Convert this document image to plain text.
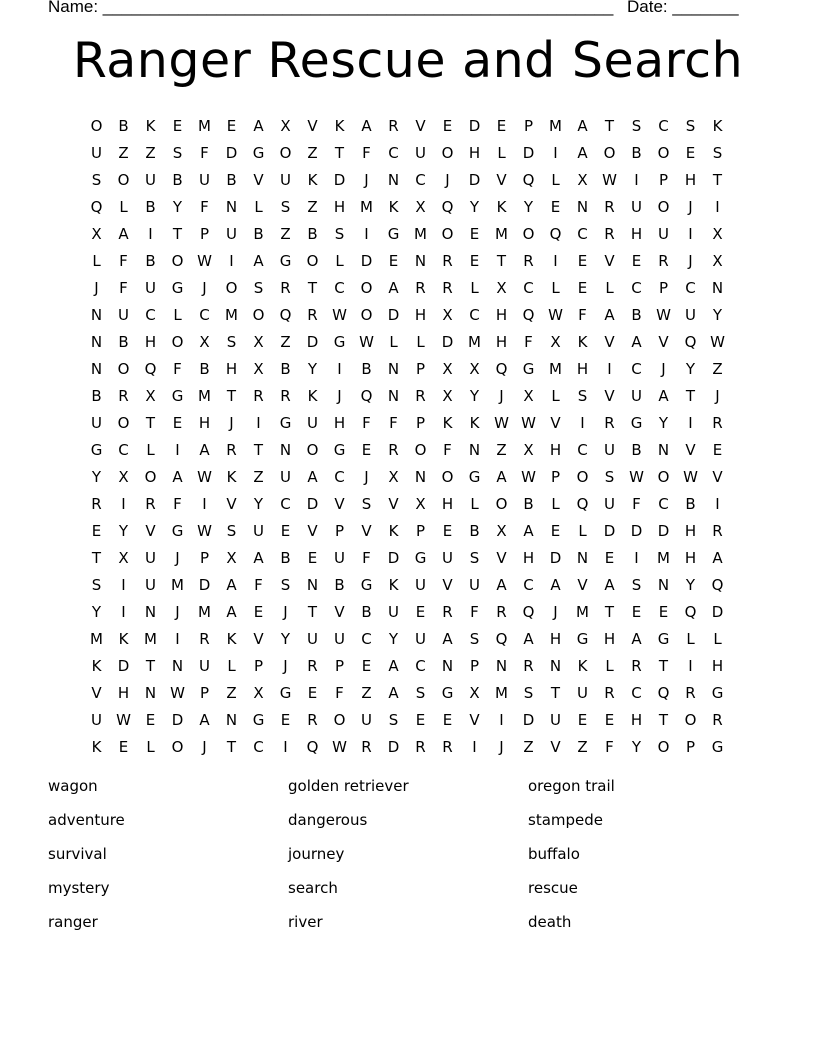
Name: ______________________________________________________ Date: _______
Ranger Rescue and Search
O	B	K	E	M	E	A	X	V	K	A	R	V	E	D	E	P	M	A	T	S	C	S	K
U	Z	Z	S	F	D	G	O	Z	T	F	C	U	O	H	L	D	I	A	O	B	O	E	S
S	O	U	B	U	B	V	U	K	D	J	N	C	J	D	V	Q	L	X W	I	P	H	T
Q	L	B	Y	F	N	L	S	Z	H M	K	X	Q	Y	K	Y	E	N	R	U	O	J	I
X	A	I	T	P	U	B	Z	B	S	I	G M O	E	M O	Q	C	R	H	U	I	X
L	F	B	O W	I	A	G	O	L	D	E	N	R	E	T	R	I	E	V	E	R	J	X
J	F	U	G	J	O	S	R	T	C	O	A	R	R	L	X	C	L	E	L	C	P	C	N
N	U	C	L	C	M O	Q	R W O	D	H	X	C	H	Q W	F	A	B W U	Y
N	B	H	O	X	S	X	Z	D	G W	L	L	D M H	F	X	K	V	A	V	Q W
N	O	Q	F	B	H	X	B	Y	I	B	N	P	X	X	Q	G M H	I	C	J	Y	Z
B	R	X	G M	T	R	R	K	J	Q	N	R	X	Y	J	X	L	S	V	U	A	T	J
U	O	T	E	H	J	I	G	U	H	F	F	P	K	K W W V	I	R	G	Y	I	R
G	C	L	I	A	R	T	N	O	G	E	R	O	F	N	Z	X	H	C	U	B	N	V	E
Y	X	O	A W K	Z	U	A	C	J	X	N	O	G	A W	P	O	S W O W V
R	I	R	F	I	V	Y	C	D	V	S	V	X	H	L	O	B	L	Q	U	F	C	B	I
E	Y	V	G W S	U	E	V	P	V	K	P	E	B	X	A	E	L	D	D	D	H	R
T	X	U	J	P	X	A	B	E	U	F	D	G	U	S	V	H	D	N	E	I	M H	A
S	I	U	M D	A	F	S	N	B	G	K	U	V	U	A	C	A	V	A	S	N	Y	Q
Y	I	N	J	M	A	E	J	T	V	B	U	E	R	F	R	Q	J	M	T	E	E	Q	D
M	K	M	I	R	K	V	Y	U	U	C	Y	U	A	S	Q	A	H	G	H	A	G	L	L
K	D	T	N	U	L	P	J	R	P	E	A	C	N	P	N	R	N	K	L	R	T	I	H
V	H	N W	P	Z	X	G	E	F	Z	A	S	G	X	M	S	T	U	R	C	Q	R	G
U W E	D	A	N	G	E	R	O	U	S	E	E	V	I	D	U	E	E	H	T	O	R
K	E	L	O	J	T	C	I	Q W R	D	R	R	I	J	Z	V	Z	F	Y	O	P	G
wagon	golden retriever	oregon trail
adventure	dangerous	stampede
survival	journey	buffalo
mystery	search	rescue
ranger	river	death
